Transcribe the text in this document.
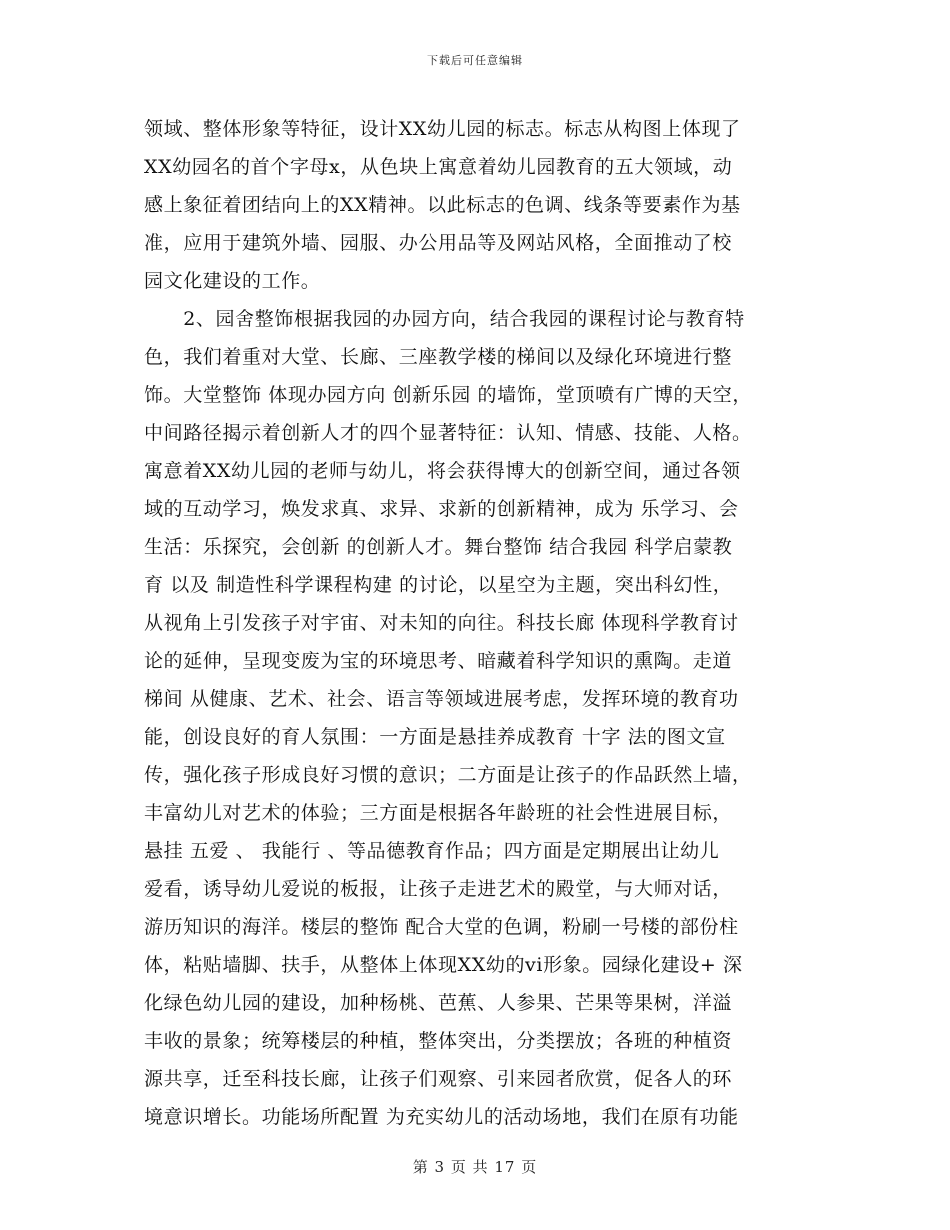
下载后可任意编辑
领域、整体形象等特征，设计XX幼儿园的标志。标志从构图上体现了
XX幼园名的首个字母x，从色块上寓意着幼儿园教育的五大领域，动
感上象征着团结向上的XX精神。以此标志的色调、线条等要素作为基
准，应用于建筑外墙、园服、办公用品等及网站风格，全面推动了校
园文化建设的工作。
　　2、园舍整饰根据我园的办园方向，结合我园的课程讨论与教育特
色，我们着重对大堂、长廊、三座教学楼的梯间以及绿化环境进行整
饰。大堂整饰 体现办园方向 创新乐园 的墙饰，堂顶喷有广博的天空，
中间路径揭示着创新人才的四个显著特征：认知、情感、技能、人格。
寓意着XX幼儿园的老师与幼儿，将会获得博大的创新空间，通过各领
域的互动学习，焕发求真、求异、求新的创新精神，成为 乐学习、会
生活：乐探究，会创新 的创新人才。舞台整饰 结合我园 科学启蒙教
育 以及 制造性科学课程构建 的讨论，以星空为主题，突出科幻性，
从视角上引发孩子对宇宙、对未知的向往。科技长廊 体现科学教育讨
论的延伸，呈现变废为宝的环境思考、暗藏着科学知识的熏陶。走道
梯间 从健康、艺术、社会、语言等领域进展考虑，发挥环境的教育功
能，创设良好的育人氛围：一方面是悬挂养成教育 十字 法的图文宣
传，强化孩子形成良好习惯的意识；二方面是让孩子的作品跃然上墙，
丰富幼儿对艺术的体验；三方面是根据各年龄班的社会性进展目标，
悬挂 五爱 、 我能行 、等品德教育作品；四方面是定期展出让幼儿
爱看，诱导幼儿爱说的板报，让孩子走进艺术的殿堂，与大师对话，
游历知识的海洋。楼层的整饰 配合大堂的色调，粉刷一号楼的部份柱
体，粘贴墙脚、扶手，从整体上体现XX幼的vi形象。园绿化建设+ 深
化绿色幼儿园的建设，加种杨桃、芭蕉、人参果、芒果等果树，洋溢
丰收的景象；统筹楼层的种植，整体突出，分类摆放；各班的种植资
源共享，迁至科技长廊，让孩子们观察、引来园者欣赏，促各人的环
境意识增长。功能场所配置 为充实幼儿的活动场地，我们在原有功能
第 3 页 共 17 页
